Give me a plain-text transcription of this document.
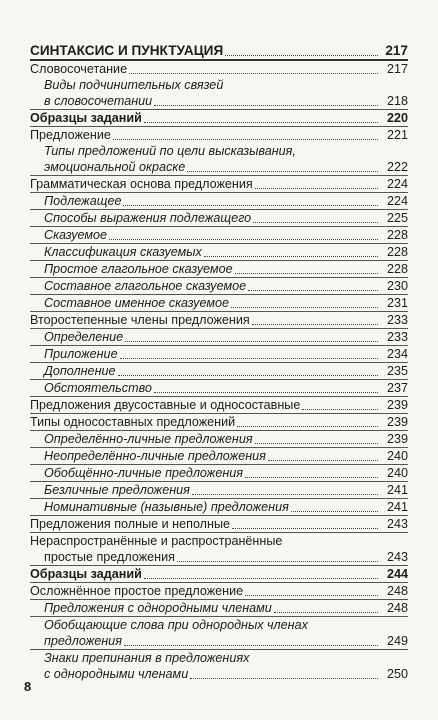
СИНТАКСИС И ПУНКТУАЦИЯ	217
Словосочетание	217
Виды подчинительных связей
в словосочетании	218
Образцы заданий	220
Предложение	221
Типы предложений по цели высказывания,
эмоциональной окраске	222
Грамматическая основа предложения	224
Подлежащее	224
Способы выражения подлежащего	225
Сказуемое	228
Классификация сказуемых	228
Простое глагольное сказуемое	228
Составное глагольное сказуемое	230
Составное именное сказуемое	231
Второстепенные члены предложения	233
Определение	233
Приложение	234
Дополнение	235
Обстоятельство	237
Предложения двусоставные и односоставные	239
Типы односоставных предложений	239
Определённо-личные предложения	239
Неопределённо-личные предложения	240
Обобщённо-личные предложения	240
Безличные предложения	241
Номинативные (назывные) предложения	241
Предложения полные и неполные	243
Нераспространённые и распространённые
простые предложения	243
Образцы заданий	244
Осложнённое простое предложение	248
Предложения с однородными членами	248
Обобщающие слова при однородных членах
предложения	249
Знаки препинания в предложениях
с однородными членами	250
8
